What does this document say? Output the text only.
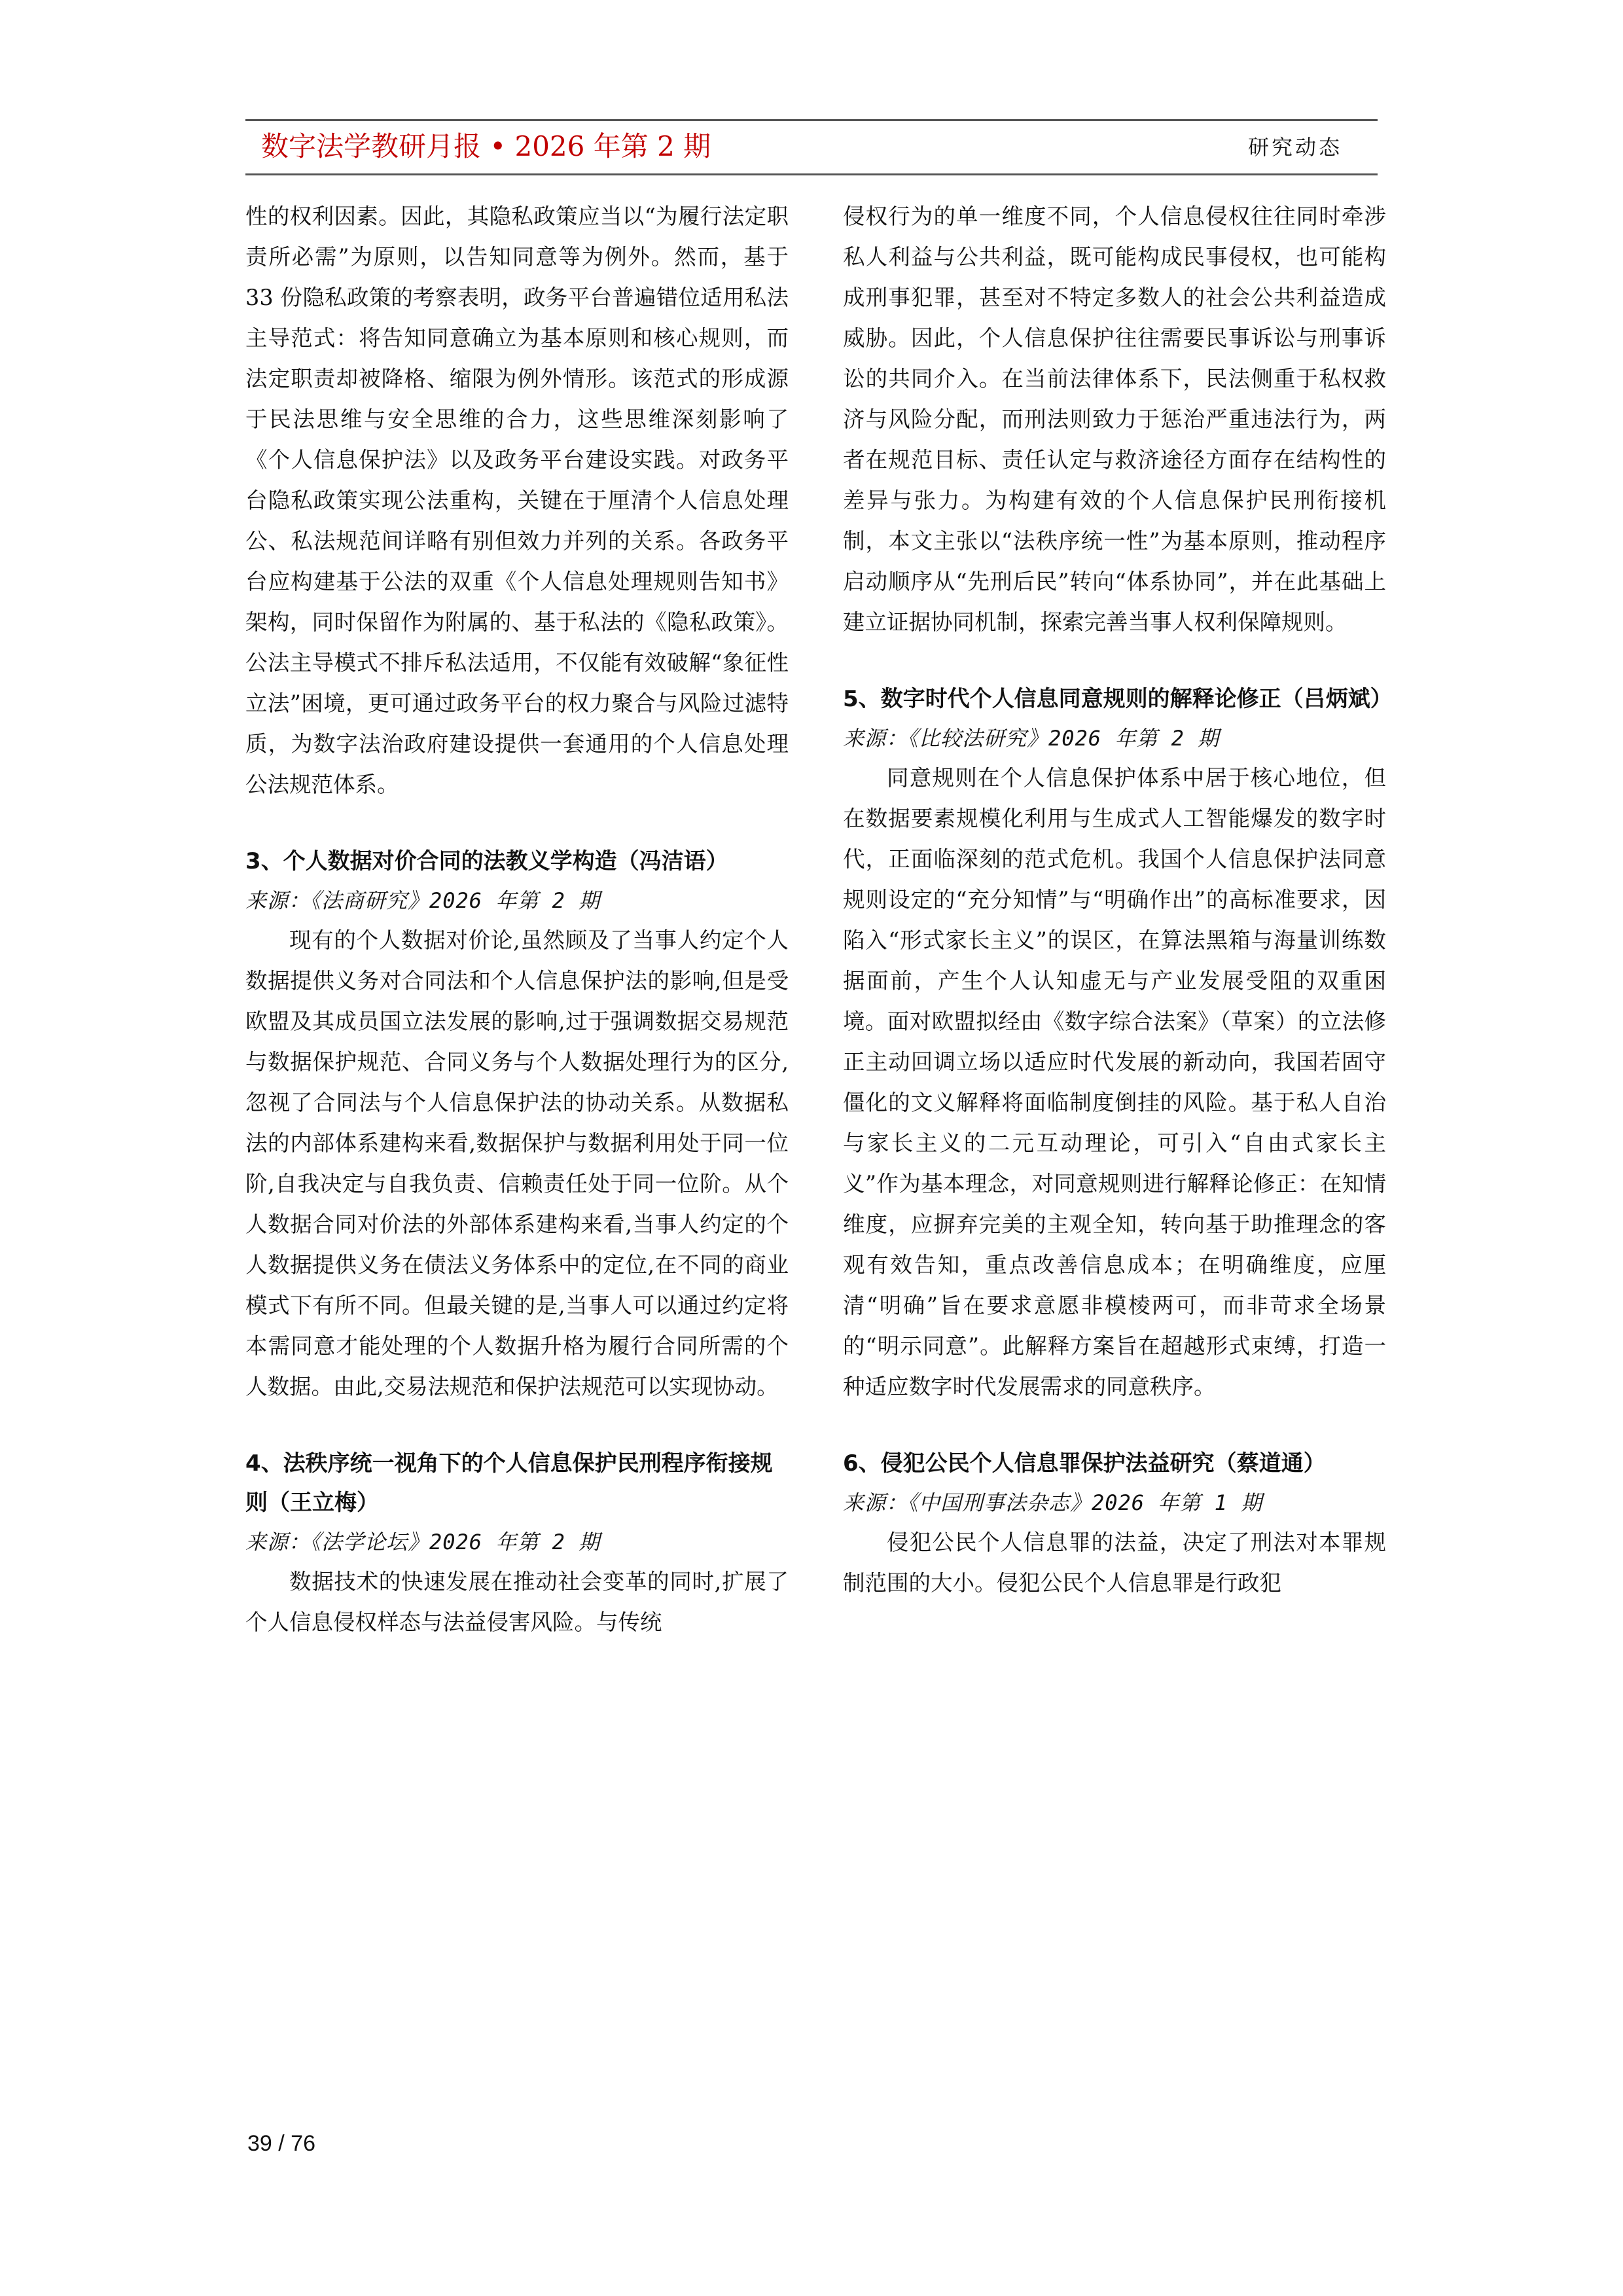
数字法学教研月报 • 2026 年第 2 期	研究动态

性的权利因素。因此，其隐私政策应当以“为履行法定职责所必需”为原则，以告知同意等为例外。然而，基于 33 份隐私政策的考察表明，政务平台普遍错位适用私法主导范式：将告知同意确立为基本原则和核心规则，而法定职责却被降格、缩限为例外情形。该范式的形成源于民法思维与安全思维的合力，这些思维深刻影响了《个人信息保护法》以及政务平台建设实践。对政务平台隐私政策实现公法重构，关键在于厘清个人信息处理公、私法规范间详略有别但效力并列的关系。各政务平台应构建基于公法的双重《个人信息处理规则告知书》架构，同时保留作为附属的、基于私法的《隐私政策》。公法主导模式不排斥私法适用，不仅能有效破解“象征性立法”困境，更可通过政务平台的权力聚合与风险过滤特质，为数字法治政府建设提供一套通用的个人信息处理公法规范体系。

3、个人数据对价合同的法教义学构造（冯洁语）

来源：《法商研究》2026 年第 2 期

现有的个人数据对价论,虽然顾及了当事人约定个人数据提供义务对合同法和个人信息保护法的影响,但是受欧盟及其成员国立法发展的影响,过于强调数据交易规范与数据保护规范、合同义务与个人数据处理行为的区分,忽视了合同法与个人信息保护法的协动关系。从数据私法的内部体系建构来看,数据保护与数据利用处于同一位阶,自我决定与自我负责、信赖责任处于同一位阶。从个人数据合同对价法的外部体系建构来看,当事人约定的个人数据提供义务在债法义务体系中的定位,在不同的商业模式下有所不同。但最关键的是,当事人可以通过约定将本需同意才能处理的个人数据升格为履行合同所需的个人数据。由此,交易法规范和保护法规范可以实现协动。

4、法秩序统一视角下的个人信息保护民刑程序衔接规则（王立梅）

来源：《法学论坛》2026 年第 2 期

数据技术的快速发展在推动社会变革的同时,扩展了个人信息侵权样态与法益侵害风险。与传统

侵权行为的单一维度不同，个人信息侵权往往同时牵涉私人利益与公共利益，既可能构成民事侵权，也可能构成刑事犯罪，甚至对不特定多数人的社会公共利益造成威胁。因此，个人信息保护往往需要民事诉讼与刑事诉讼的共同介入。在当前法律体系下，民法侧重于私权救济与风险分配，而刑法则致力于惩治严重违法行为，两者在规范目标、责任认定与救济途径方面存在结构性的差异与张力。为构建有效的个人信息保护民刑衔接机制，本文主张以“法秩序统一性”为基本原则，推动程序启动顺序从“先刑后民”转向“体系协同”，并在此基础上建立证据协同机制，探索完善当事人权利保障规则。

5、数字时代个人信息同意规则的解释论修正（吕炳斌）

来源：《比较法研究》2026 年第 2 期

同意规则在个人信息保护体系中居于核心地位，但在数据要素规模化利用与生成式人工智能爆发的数字时代，正面临深刻的范式危机。我国个人信息保护法同意规则设定的“充分知情”与“明确作出”的高标准要求，因陷入“形式家长主义”的误区，在算法黑箱与海量训练数据面前，产生个人认知虚无与产业发展受阻的双重困境。面对欧盟拟经由《数字综合法案》（草案）的立法修正主动回调立场以适应时代发展的新动向，我国若固守僵化的文义解释将面临制度倒挂的风险。基于私人自治与家长主义的二元互动理论，可引入“自由式家长主义”作为基本理念，对同意规则进行解释论修正：在知情维度，应摒弃完美的主观全知，转向基于助推理念的客观有效告知，重点改善信息成本；在明确维度，应厘清“明确”旨在要求意愿非模棱两可，而非苛求全场景的“明示同意”。此解释方案旨在超越形式束缚，打造一种适应数字时代发展需求的同意秩序。

6、侵犯公民个人信息罪保护法益研究（蔡道通）

来源：《中国刑事法杂志》2026 年第 1 期

侵犯公民个人信息罪的法益，决定了刑法对本罪规制范围的大小。侵犯公民个人信息罪是行政犯

39 / 76
